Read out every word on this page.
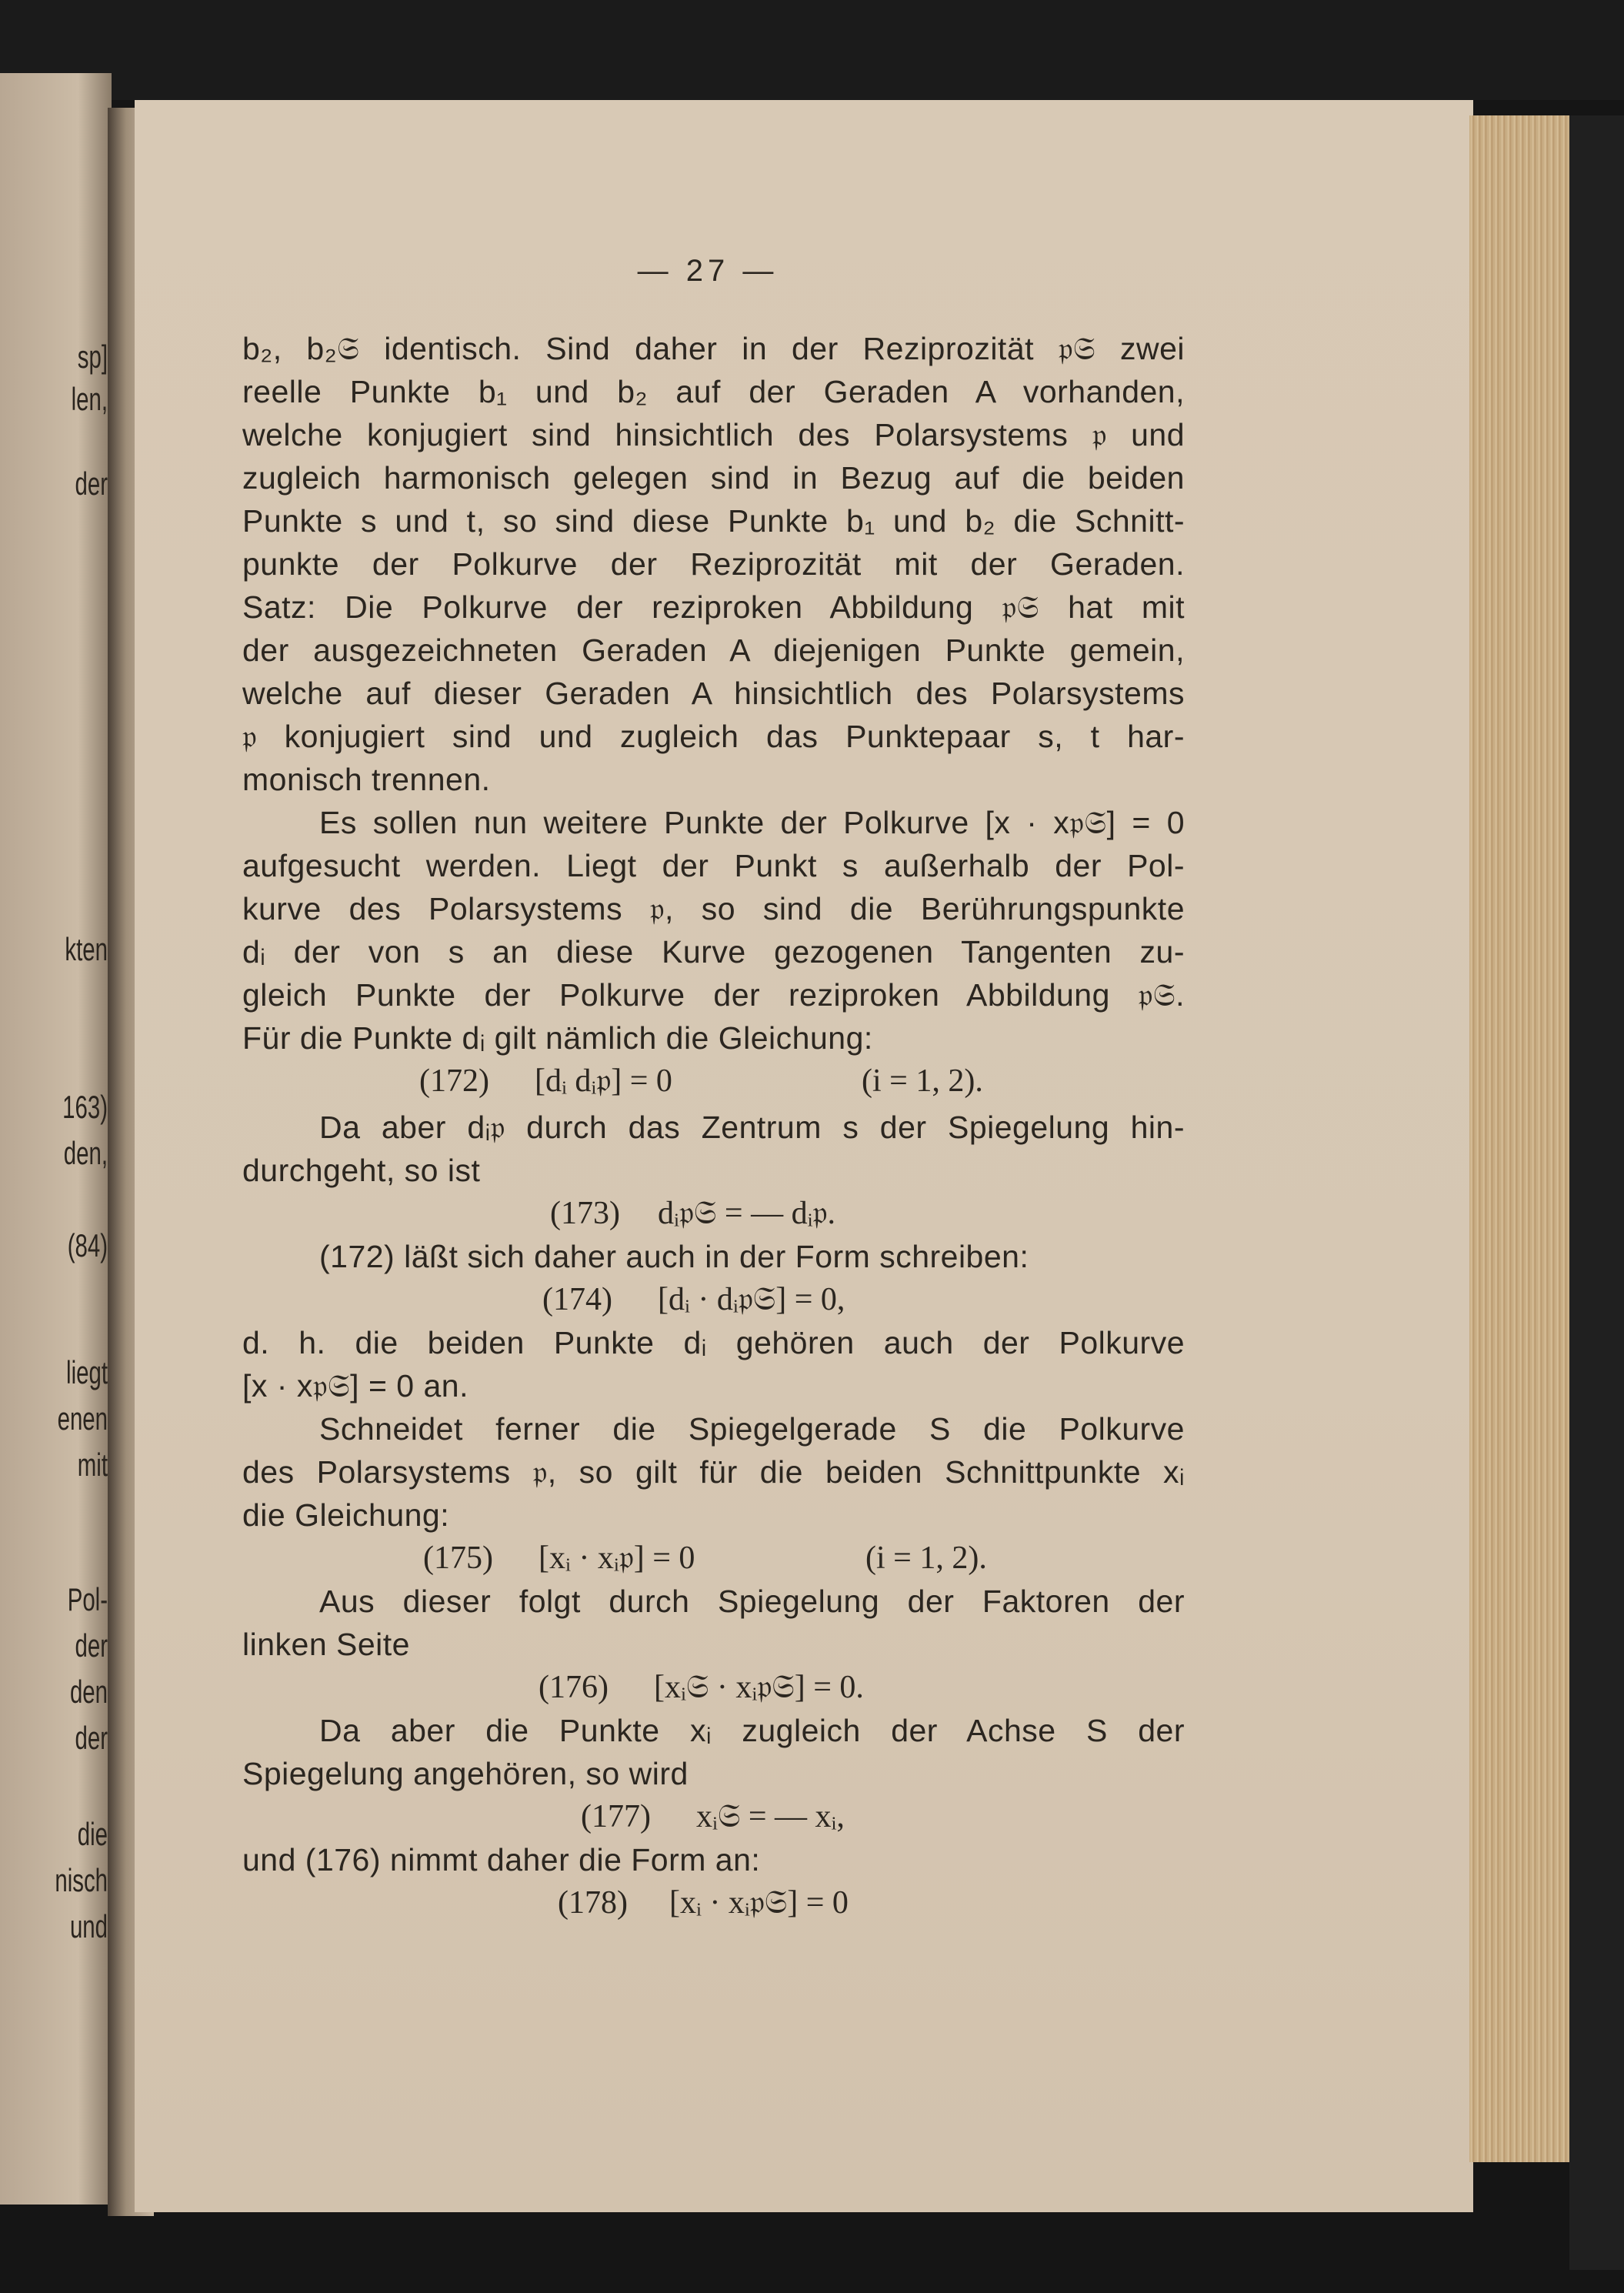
sp]
len,
der
kten
163)
den,
(84)
liegt
enen
mit
Pol-
der
den
der
die
nisch
und
— 27 —
b₂, b₂𝔖 identisch. Sind daher in der Reziprozität 𝔭𝔖 zwei
reelle Punkte b₁ und b₂ auf der Geraden A vorhanden,
welche konjugiert sind hinsichtlich des Polarsystems 𝔭 und
zugleich harmonisch gelegen sind in Bezug auf die beiden
Punkte s und t, so sind diese Punkte b₁ und b₂ die Schnitt-
punkte der Polkurve der Reziprozität mit der Geraden.
Satz: Die Polkurve der reziproken Abbildung 𝔭𝔖 hat mit
der ausgezeichneten Geraden A diejenigen Punkte gemein,
welche auf dieser Geraden A hinsichtlich des Polarsystems
𝔭 konjugiert sind und zugleich das Punktepaar s, t har-
monisch trennen.
Es sollen nun weitere Punkte der Polkurve [x · x𝔭𝔖] = 0
aufgesucht werden. Liegt der Punkt s außerhalb der Pol-
kurve des Polarsystems 𝔭, so sind die Berührungspunkte
dᵢ der von s an diese Kurve gezogenen Tangenten zu-
gleich Punkte der Polkurve der reziproken Abbildung 𝔭𝔖.
Für die Punkte dᵢ gilt nämlich die Gleichung:
(172) [dᵢ dᵢ𝔭] = 0	(i = 1, 2).
Da aber dᵢ𝔭 durch das Zentrum s der Spiegelung hin-
durchgeht, so ist
(173) dᵢ𝔭𝔖 = — dᵢ𝔭.
(172) läßt sich daher auch in der Form schreiben:
(174) [dᵢ · dᵢ𝔭𝔖] = 0,
d. h. die beiden Punkte dᵢ gehören auch der Polkurve
[x · x𝔭𝔖] = 0 an.
Schneidet ferner die Spiegelgerade S die Polkurve
des Polarsystems 𝔭, so gilt für die beiden Schnittpunkte xᵢ
die Gleichung:
(175) [xᵢ · xᵢ𝔭] = 0	(i = 1, 2).
Aus dieser folgt durch Spiegelung der Faktoren der
linken Seite
(176) [xᵢ𝔖 · xᵢ𝔭𝔖] = 0.
Da aber die Punkte xᵢ zugleich der Achse S der
Spiegelung angehören, so wird
(177) xᵢ𝔖 = — xᵢ,
und (176) nimmt daher die Form an:
(178) [xᵢ · xᵢ𝔭𝔖] = 0
